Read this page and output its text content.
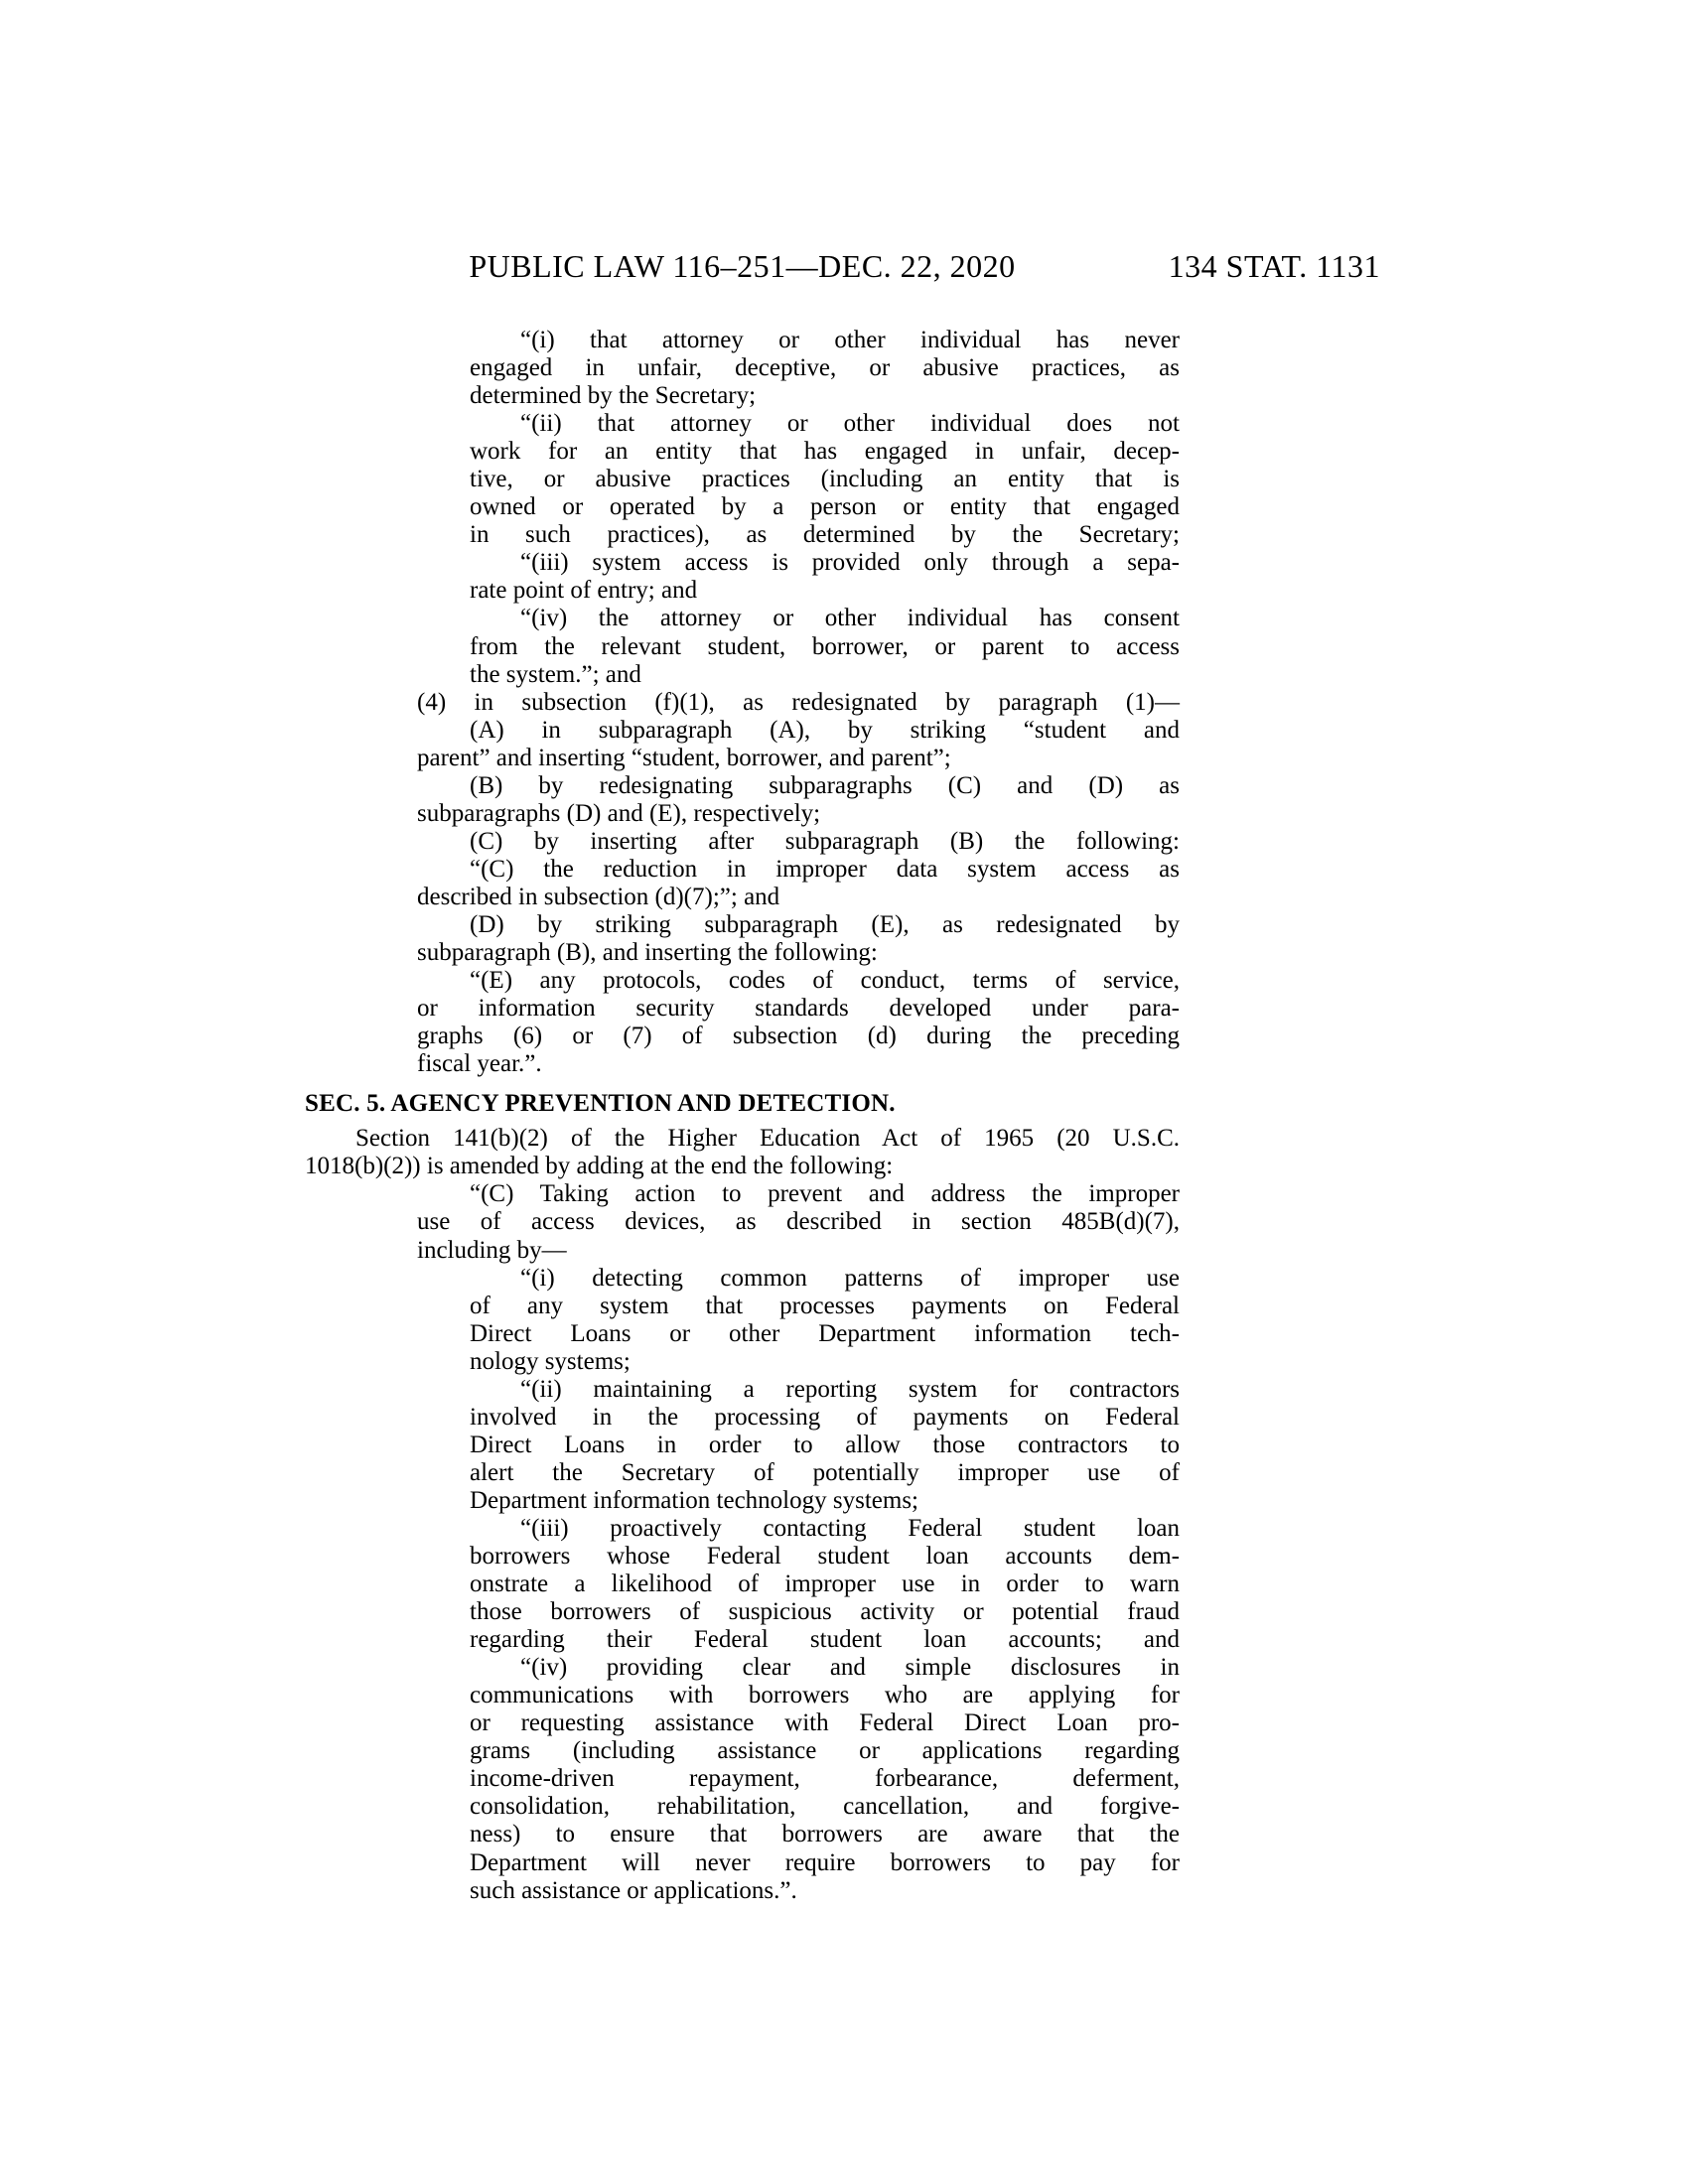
PUBLIC LAW 116–251—DEC. 22, 2020	134 STAT. 1131
“(i) that attorney or other individual has never
engaged in unfair, deceptive, or abusive practices, as
determined by the Secretary;
“(ii) that attorney or other individual does not
work for an entity that has engaged in unfair, decep-
tive, or abusive practices (including an entity that is
owned or operated by a person or entity that engaged
in such practices), as determined by the Secretary;
“(iii) system access is provided only through a sepa-
rate point of entry; and
“(iv) the attorney or other individual has consent
from the relevant student, borrower, or parent to access
the system.”; and
(4) in subsection (f)(1), as redesignated by paragraph (1)—
(A) in subparagraph (A), by striking “student and
parent” and inserting “student, borrower, and parent”;
(B) by redesignating subparagraphs (C) and (D) as
subparagraphs (D) and (E), respectively;
(C) by inserting after subparagraph (B) the following:
“(C) the reduction in improper data system access as
described in subsection (d)(7);”; and
(D) by striking subparagraph (E), as redesignated by
subparagraph (B), and inserting the following:
“(E) any protocols, codes of conduct, terms of service,
or information security standards developed under para-
graphs (6) or (7) of subsection (d) during the preceding
fiscal year.”.
SEC. 5. AGENCY PREVENTION AND DETECTION.
Section 141(b)(2) of the Higher Education Act of 1965 (20 U.S.C.
1018(b)(2)) is amended by adding at the end the following:
“(C) Taking action to prevent and address the improper
use of access devices, as described in section 485B(d)(7),
including by—
“(i) detecting common patterns of improper use
of any system that processes payments on Federal
Direct Loans or other Department information tech-
nology systems;
“(ii) maintaining a reporting system for contractors
involved in the processing of payments on Federal
Direct Loans in order to allow those contractors to
alert the Secretary of potentially improper use of
Department information technology systems;
“(iii) proactively contacting Federal student loan
borrowers whose Federal student loan accounts dem-
onstrate a likelihood of improper use in order to warn
those borrowers of suspicious activity or potential fraud
regarding their Federal student loan accounts; and
“(iv) providing clear and simple disclosures in
communications with borrowers who are applying for
or requesting assistance with Federal Direct Loan pro-
grams (including assistance or applications regarding
income-driven repayment, forbearance, deferment,
consolidation, rehabilitation, cancellation, and forgive-
ness) to ensure that borrowers are aware that the
Department will never require borrowers to pay for
such assistance or applications.”.
